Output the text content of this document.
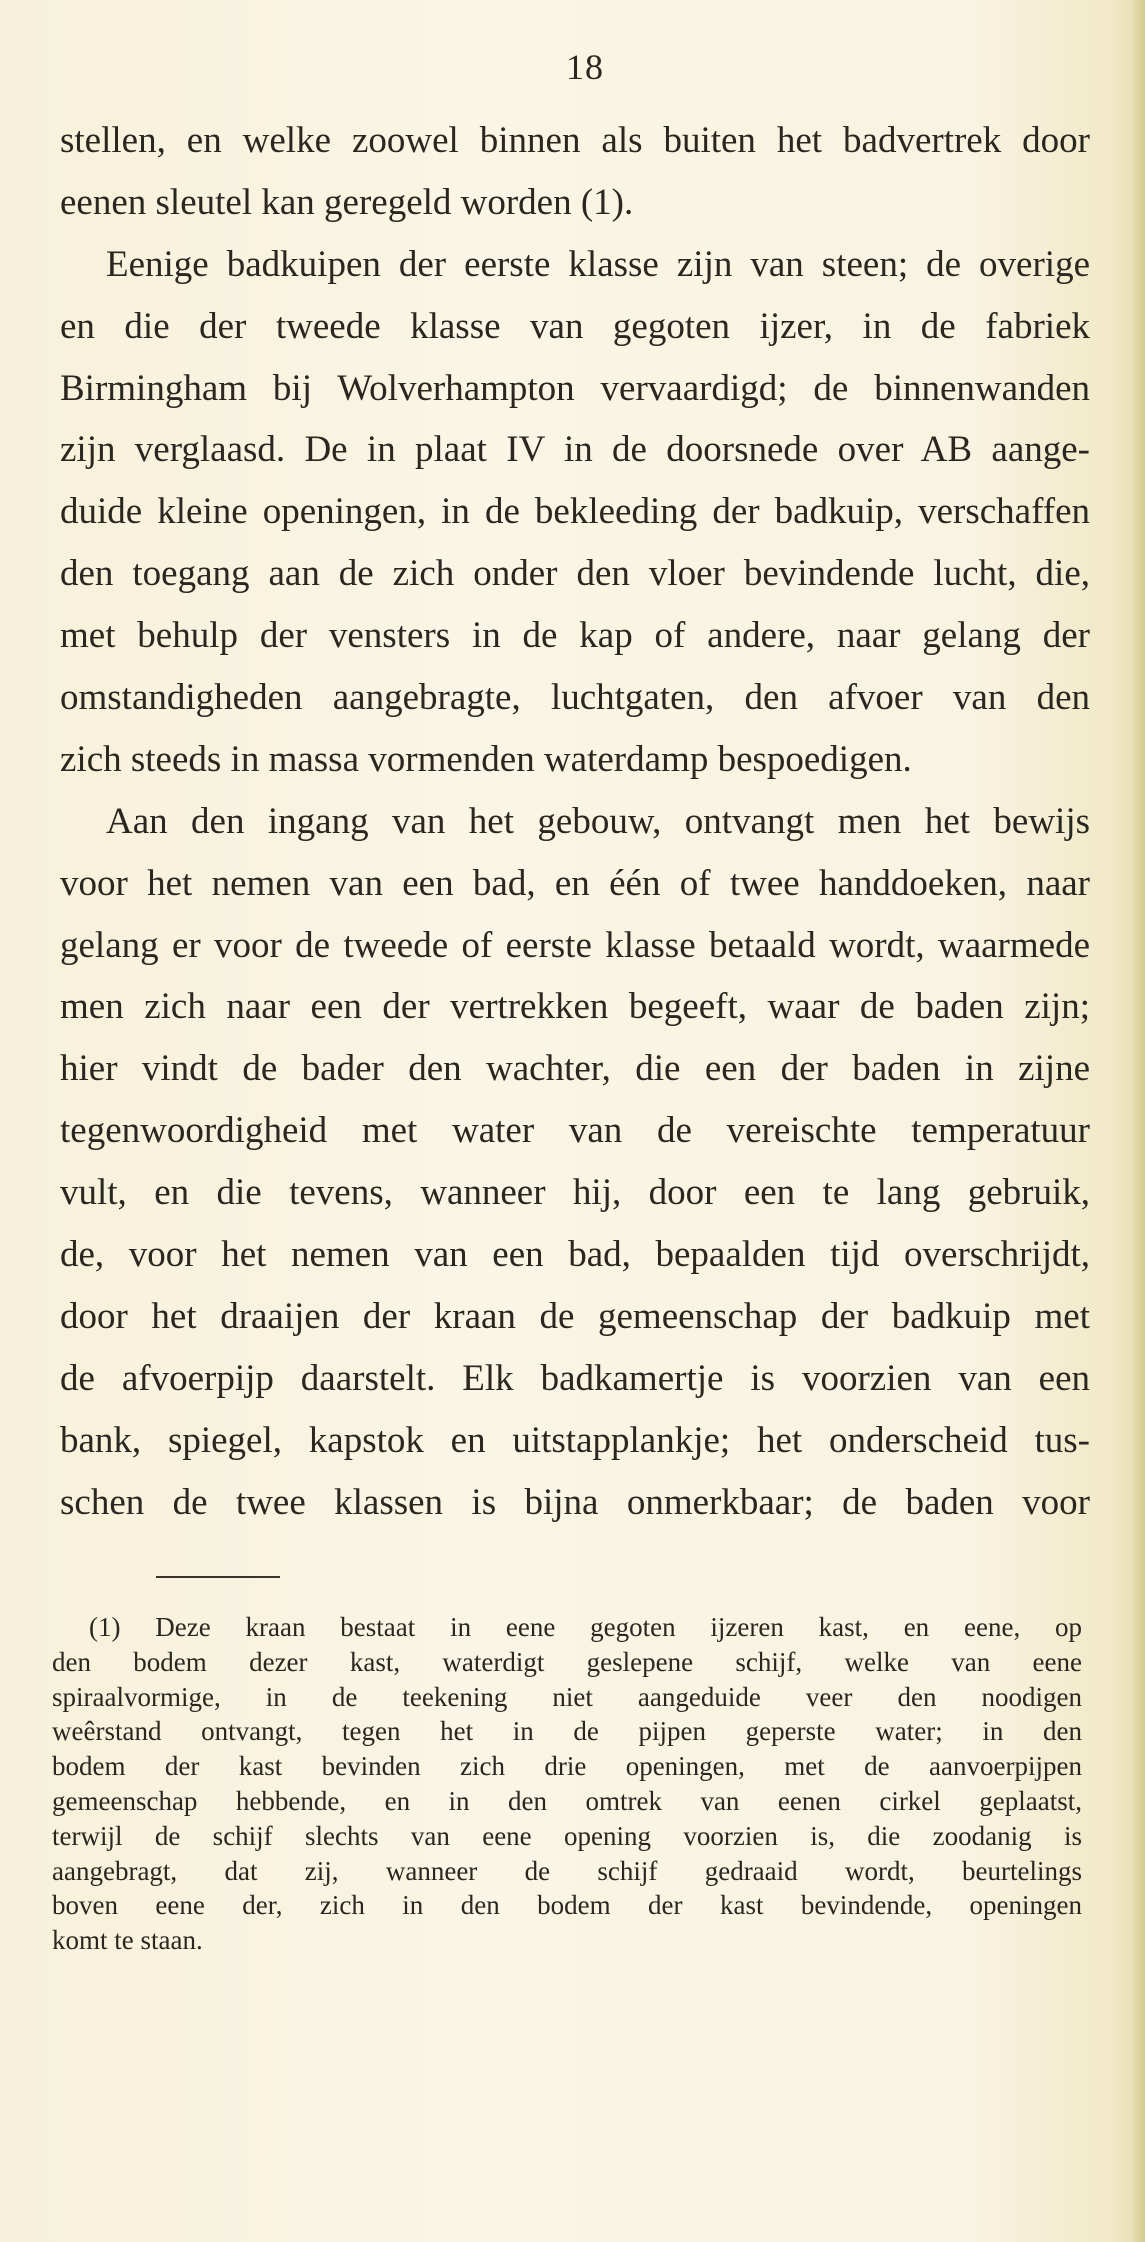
18
stellen, en welke zoowel binnen als buiten het badvertrek door
eenen sleutel kan geregeld worden (1).
Eenige badkuipen der eerste klasse zijn van steen; de overige
en die der tweede klasse van gegoten ijzer, in de fabriek
Birmingham bij Wolverhampton vervaardigd; de binnenwanden
zijn verglaasd. De in plaat IV in de doorsnede over AB aange-
duide kleine openingen, in de bekleeding der badkuip, verschaffen
den toegang aan de zich onder den vloer bevindende lucht, die,
met behulp der vensters in de kap of andere, naar gelang der
omstandigheden aangebragte, luchtgaten, den afvoer van den
zich steeds in massa vormenden waterdamp bespoedigen.
Aan den ingang van het gebouw, ontvangt men het bewijs
voor het nemen van een bad, en één of twee handdoeken, naar
gelang er voor de tweede of eerste klasse betaald wordt, waarmede
men zich naar een der vertrekken begeeft, waar de baden zijn;
hier vindt de bader den wachter, die een der baden in zijne
tegenwoordigheid met water van de vereischte temperatuur
vult, en die tevens, wanneer hij, door een te lang gebruik,
de, voor het nemen van een bad, bepaalden tijd overschrijdt,
door het draaijen der kraan de gemeenschap der badkuip met
de afvoerpijp daarstelt. Elk badkamertje is voorzien van een
bank, spiegel, kapstok en uitstapplankje; het onderscheid tus-
schen de twee klassen is bijna onmerkbaar; de baden voor
(1) Deze kraan bestaat in eene gegoten ijzeren kast, en eene, op
den bodem dezer kast, waterdigt geslepene schijf, welke van eene
spiraalvormige, in de teekening niet aangeduide veer den noodigen
weêrstand ontvangt, tegen het in de pijpen geperste water; in den
bodem der kast bevinden zich drie openingen, met de aanvoerpijpen
gemeenschap hebbende, en in den omtrek van eenen cirkel geplaatst,
terwijl de schijf slechts van eene opening voorzien is, die zoodanig is
aangebragt, dat zij, wanneer de schijf gedraaid wordt, beurtelings
boven eene der, zich in den bodem der kast bevindende, openingen
komt te staan.
